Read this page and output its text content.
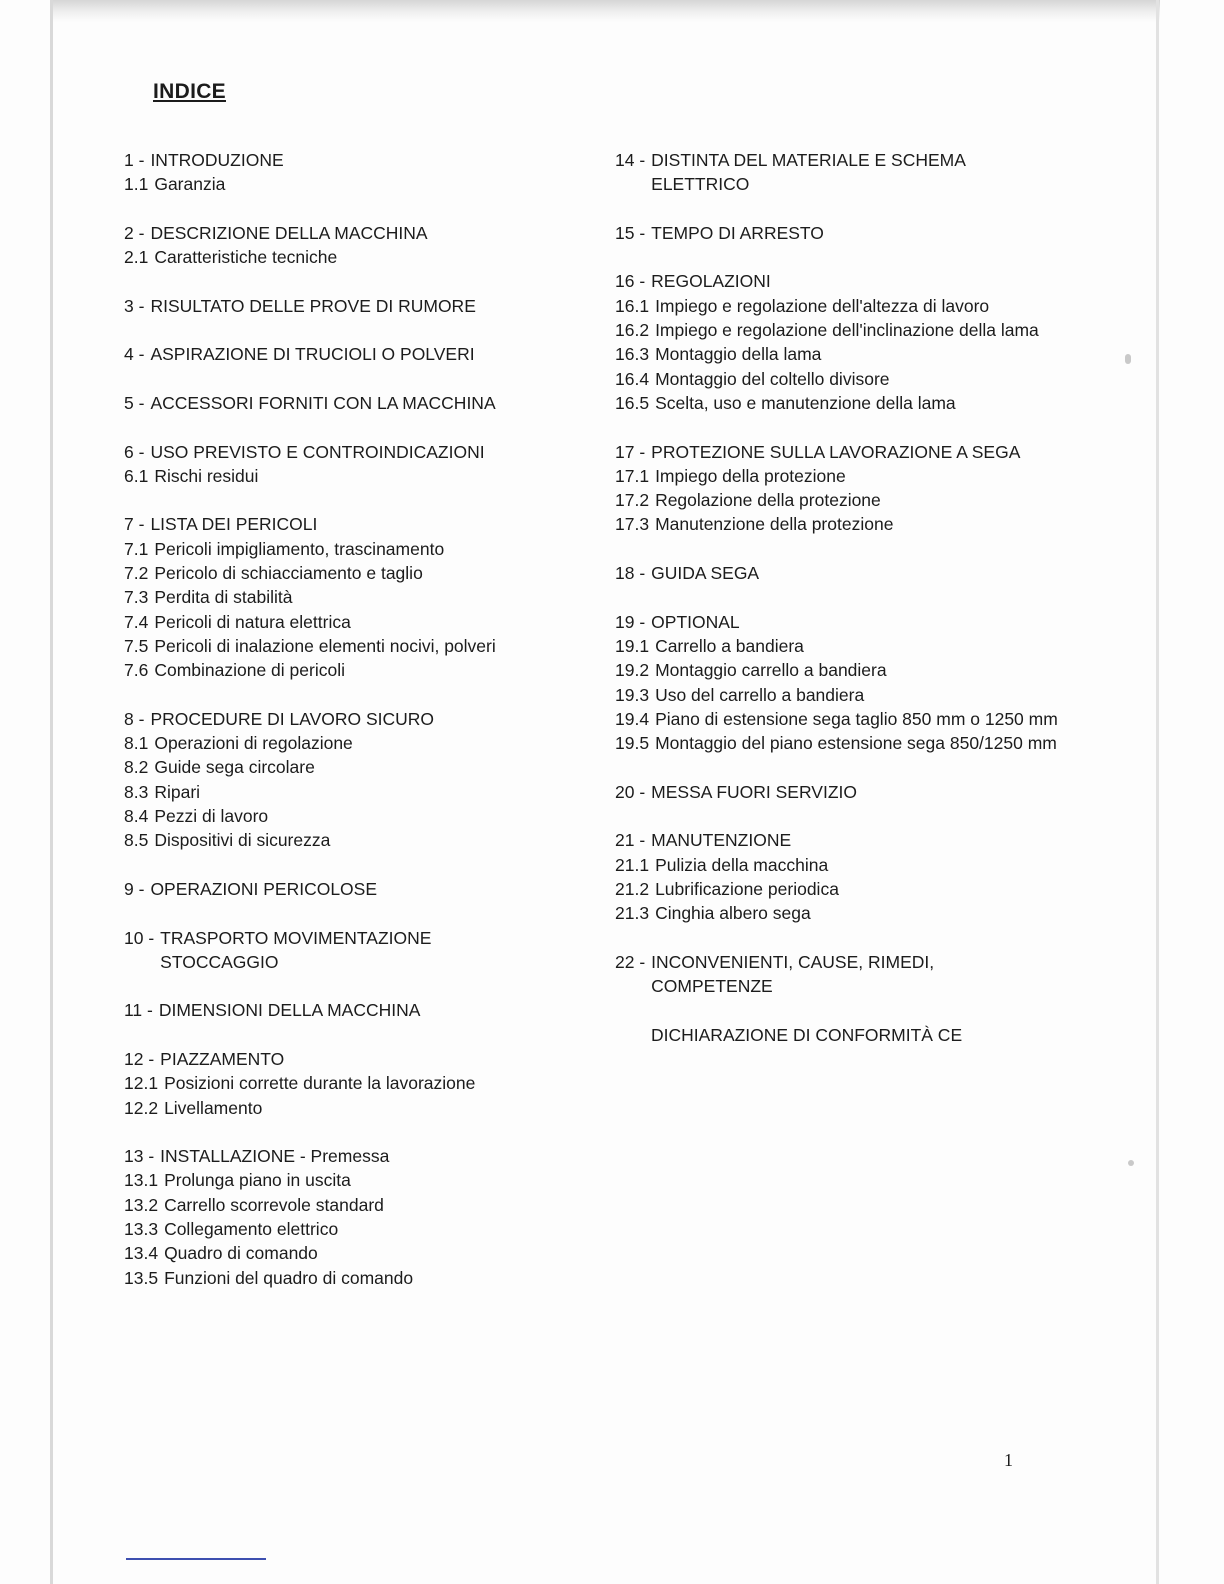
INDICE
1 - INTRODUZIONE
1.1 Garanzia
2 - DESCRIZIONE DELLA MACCHINA
2.1 Caratteristiche tecniche
3 - RISULTATO DELLE PROVE DI RUMORE
4 - ASPIRAZIONE DI TRUCIOLI O POLVERI
5 - ACCESSORI FORNITI CON LA MACCHINA
6 - USO PREVISTO E CONTROINDICAZIONI
6.1 Rischi residui
7 - LISTA DEI PERICOLI
7.1 Pericoli impigliamento, trascinamento
7.2 Pericolo di schiacciamento e taglio
7.3 Perdita di stabilità
7.4 Pericoli di natura elettrica
7.5 Pericoli di inalazione elementi nocivi, polveri
7.6 Combinazione di pericoli
8 - PROCEDURE DI LAVORO SICURO
8.1 Operazioni di regolazione
8.2 Guide sega circolare
8.3 Ripari
8.4 Pezzi di lavoro
8.5 Dispositivi di sicurezza
9 - OPERAZIONI PERICOLOSE
10 - TRASPORTO MOVIMENTAZIONE
STOCCAGGIO
11 - DIMENSIONI DELLA MACCHINA
12 - PIAZZAMENTO
12.1 Posizioni corrette durante la lavorazione
12.2 Livellamento
13 - INSTALLAZIONE - Premessa
13.1 Prolunga piano in uscita
13.2 Carrello scorrevole standard
13.3 Collegamento elettrico
13.4 Quadro di comando
13.5 Funzioni del quadro di comando
14 - DISTINTA DEL MATERIALE E SCHEMA
ELETTRICO
15 - TEMPO DI ARRESTO
16 - REGOLAZIONI
16.1 Impiego e regolazione dell'altezza di lavoro
16.2 Impiego e regolazione dell'inclinazione della lama
16.3 Montaggio della lama
16.4 Montaggio del coltello divisore
16.5 Scelta, uso e manutenzione della lama
17 - PROTEZIONE SULLA LAVORAZIONE A SEGA
17.1 Impiego della protezione
17.2 Regolazione della protezione
17.3 Manutenzione della protezione
18 - GUIDA SEGA
19 - OPTIONAL
19.1 Carrello a bandiera
19.2 Montaggio carrello a bandiera
19.3 Uso del carrello a bandiera
19.4 Piano di estensione sega taglio 850 mm o 1250 mm
19.5 Montaggio del piano estensione sega 850/1250 mm
20 - MESSA FUORI SERVIZIO
21 - MANUTENZIONE
21.1 Pulizia della macchina
21.2 Lubrificazione periodica
21.3 Cinghia albero sega
22 - INCONVENIENTI, CAUSE, RIMEDI,
COMPETENZE
DICHIARAZIONE DI CONFORMITÀ CE
1
